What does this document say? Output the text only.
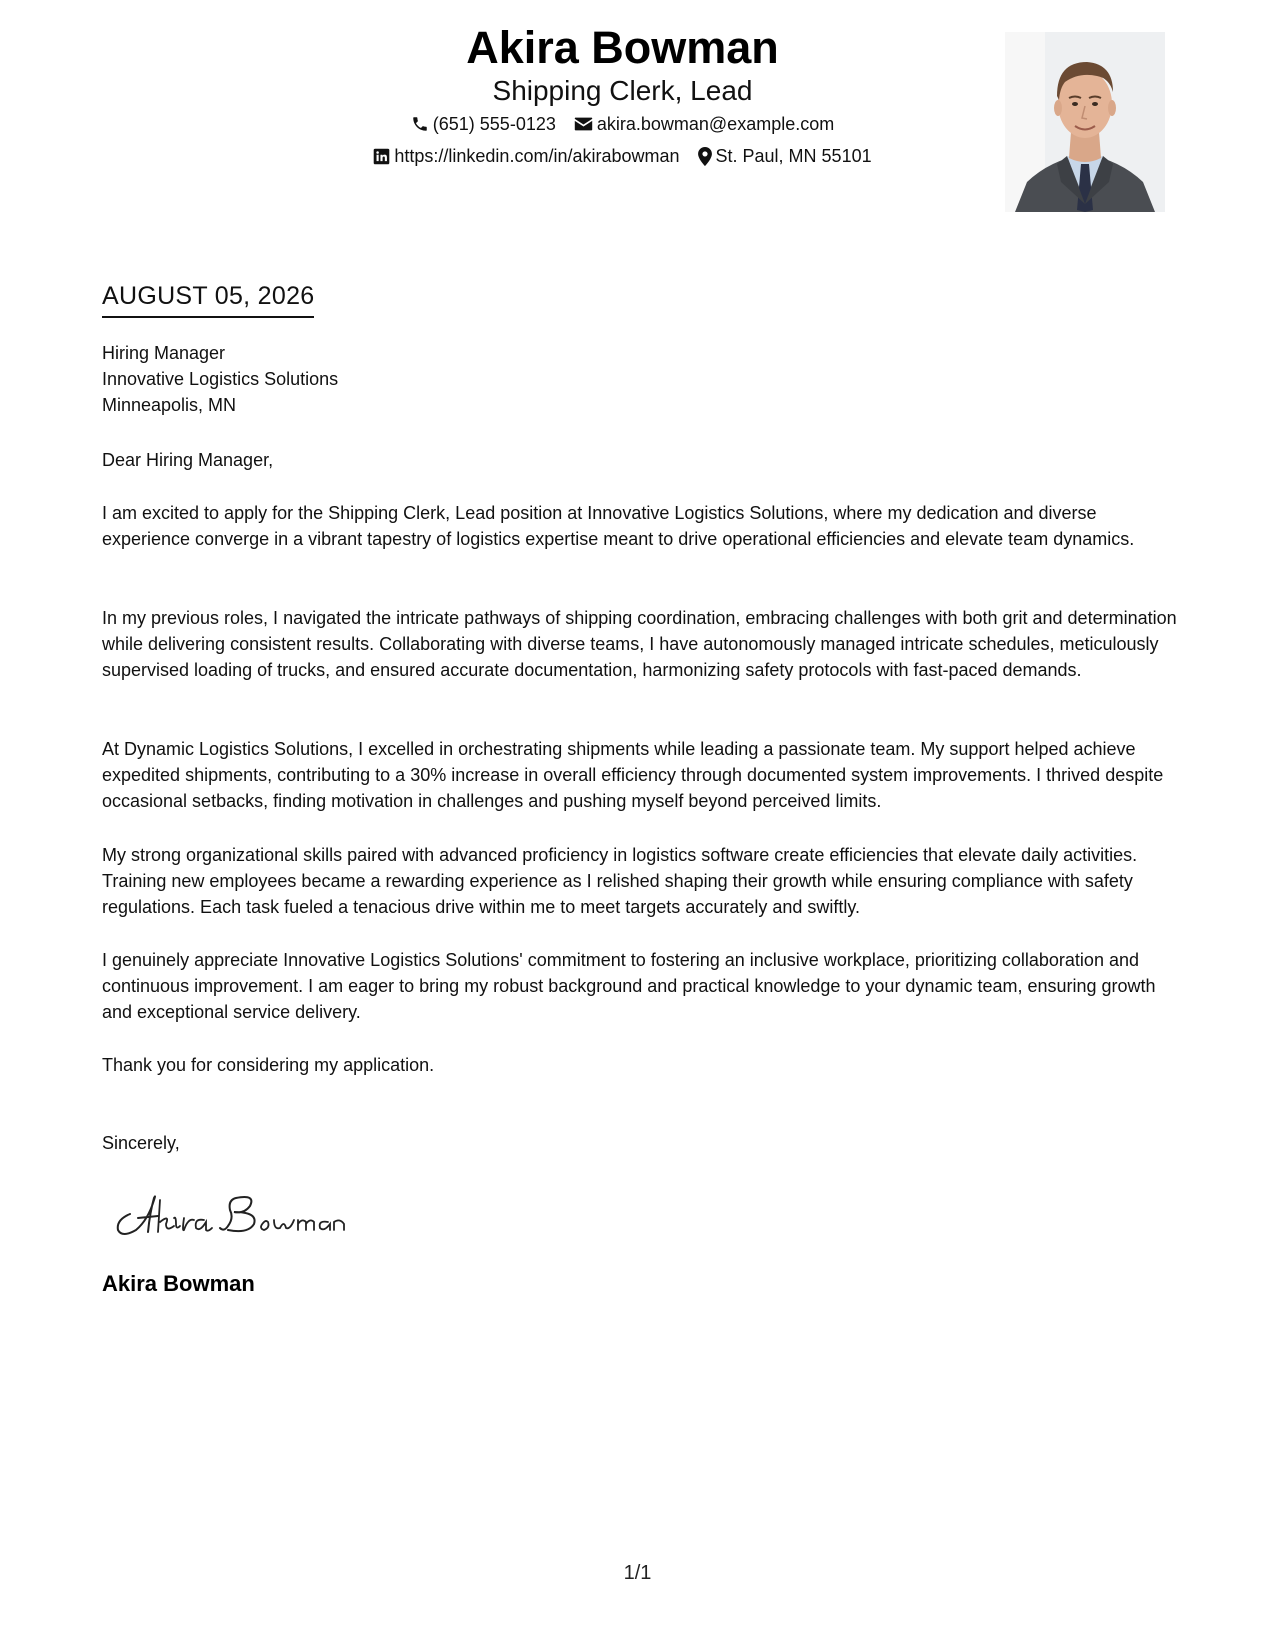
Akira Bowman
Shipping Clerk, Lead
(651) 555-0123 akira.bowman@example.com
https://linkedin.com/in/akirabowman St. Paul, MN 55101
AUGUST 05, 2026
Hiring Manager
Innovative Logistics Solutions
Minneapolis, MN
Dear Hiring Manager,

I am excited to apply for the Shipping Clerk, Lead position at Innovative Logistics Solutions, where my dedication and diverse experience converge in a vibrant tapestry of logistics expertise meant to drive operational efficiencies and elevate team dynamics.

In my previous roles, I navigated the intricate pathways of shipping coordination, embracing challenges with both grit and determination while delivering consistent results. Collaborating with diverse teams, I have autonomously managed intricate schedules, meticulously supervised loading of trucks, and ensured accurate documentation, harmonizing safety protocols with fast-paced demands.

At Dynamic Logistics Solutions, I excelled in orchestrating shipments while leading a passionate team. My support helped achieve expedited shipments, contributing to a 30% increase in overall efficiency through documented system improvements. I thrived despite occasional setbacks, finding motivation in challenges and pushing myself beyond perceived limits.

My strong organizational skills paired with advanced proficiency in logistics software create efficiencies that elevate daily activities. Training new employees became a rewarding experience as I relished shaping their growth while ensuring compliance with safety regulations. Each task fueled a tenacious drive within me to meet targets accurately and swiftly.

I genuinely appreciate Innovative Logistics Solutions' commitment to fostering an inclusive workplace, prioritizing collaboration and continuous improvement. I am eager to bring my robust background and practical knowledge to your dynamic team, ensuring growth and exceptional service delivery.

Thank you for considering my application.

Sincerely,
Akira Bowman
1/1
